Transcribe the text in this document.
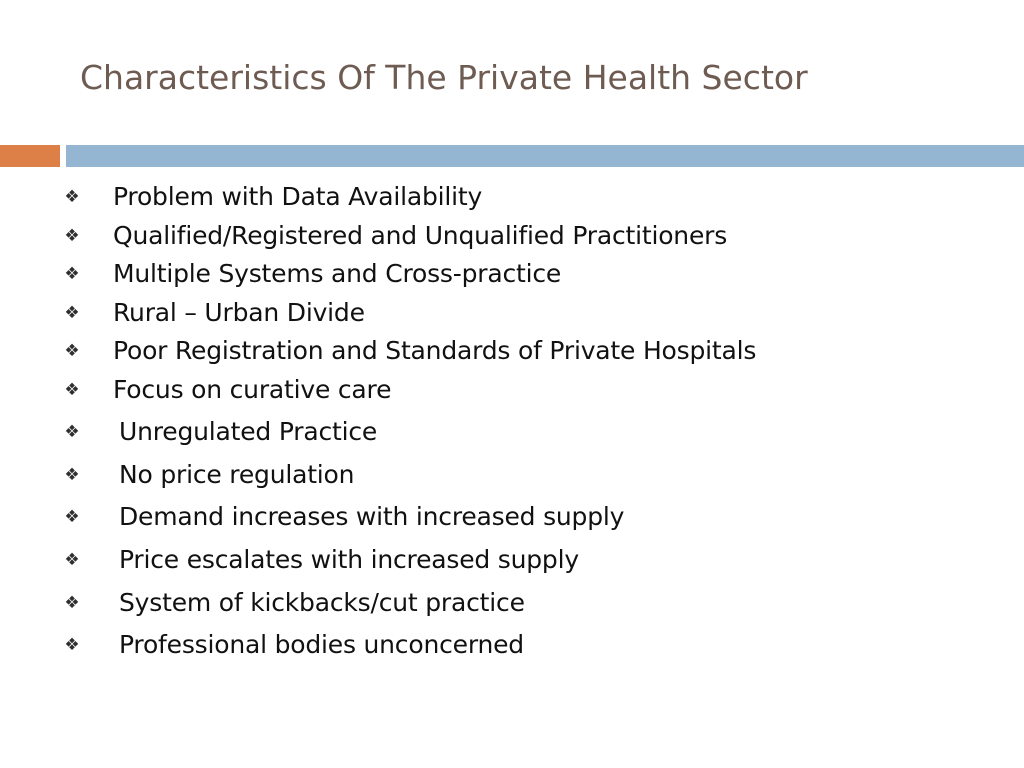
Characteristics Of The Private Health Sector
❖ Problem with Data Availability
❖ Qualified/Registered and Unqualified Practitioners
❖ Multiple Systems and Cross-practice
❖ Rural – Urban Divide
❖ Poor Registration and Standards of Private Hospitals
❖ Focus on curative care
❖ Unregulated Practice
❖ No price regulation
❖ Demand increases with increased supply
❖ Price escalates with increased supply
❖ System of kickbacks/cut practice
❖ Professional bodies unconcerned
